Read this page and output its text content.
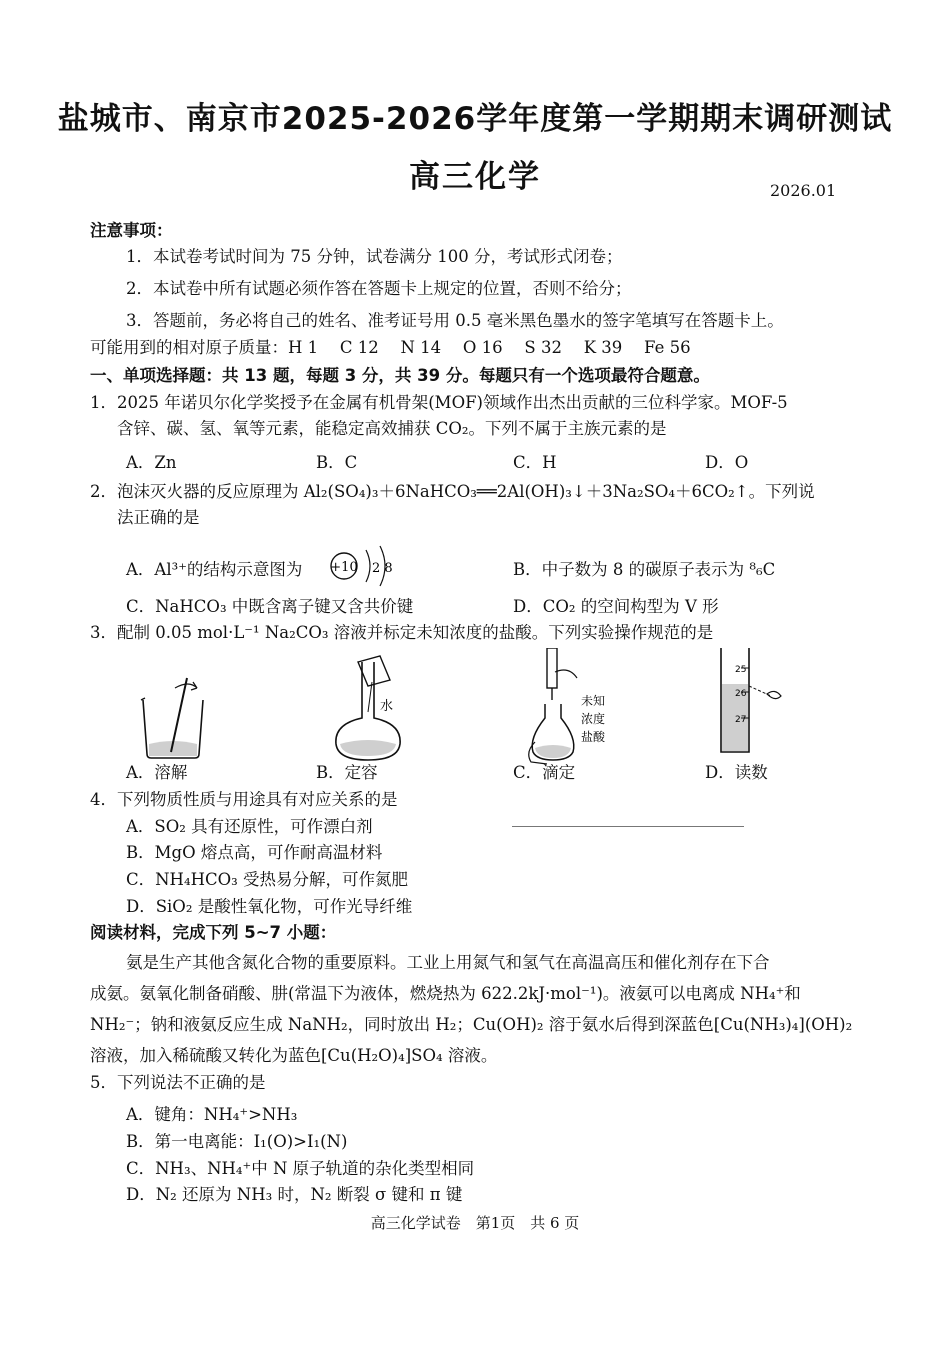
盐城市、南京市2025-2026学年度第一学期期末调研测试
高三化学	2026.01
注意事项：
1．本试卷考试时间为 75 分钟，试卷满分 100 分，考试形式闭卷；
2．本试卷中所有试题必须作答在答题卡上规定的位置，否则不给分；
3．答题前，务必将自己的姓名、准考证号用 0.5 毫米黑色墨水的签字笔填写在答题卡上。
可能用到的相对原子质量：H 1　 C 12　 N 14　 O 16　 S 32　 K 39　 Fe 56
一、单项选择题：共 13 题，每题 3 分，共 39 分。每题只有一个选项最符合题意。
1．2025 年诺贝尔化学奖授予在金属有机骨架(MOF)领域作出杰出贡献的三位科学家。MOF-5
含锌、碳、氢、氧等元素，能稳定高效捕获 CO₂。下列不属于主族元素的是
A．Zn	B．C	C．H	D．O
2．泡沫灭火器的反应原理为 Al₂(SO₄)₃＋6NaHCO₃══2Al(OH)₃↓＋3Na₂SO₄＋6CO₂↑。下列说
法正确的是
A．Al³⁺的结构示意图为 +10 2 8	B．中子数为 8 的碳原子表示为 ⁸₆C
C．NaHCO₃ 中既含离子键又含共价键	D．CO₂ 的空间构型为 V 形
3．配制 0.05 mol·L⁻¹ Na₂CO₃ 溶液并标定未知浓度的盐酸。下列实验操作规范的是
水	未知
浓度
盐酸
25
26
27
A．溶解	B．定容	C．滴定	D．读数
4．下列物质性质与用途具有对应关系的是
A．SO₂ 具有还原性，可作漂白剂
B．MgO 熔点高，可作耐高温材料
C．NH₄HCO₃ 受热易分解，可作氮肥
D．SiO₂ 是酸性氧化物，可作光导纤维
阅读材料，完成下列 5~7 小题：
氨是生产其他含氮化合物的重要原料。工业上用氮气和氢气在高温高压和催化剂存在下合
成氨。氨氧化制备硝酸、肼(常温下为液体，燃烧热为 622.2kJ·mol⁻¹)。液氨可以电离成 NH₄⁺和
NH₂⁻；钠和液氨反应生成 NaNH₂，同时放出 H₂；Cu(OH)₂ 溶于氨水后得到深蓝色[Cu(NH₃)₄](OH)₂
溶液，加入稀硫酸又转化为蓝色[Cu(H₂O)₄]SO₄ 溶液。
5．下列说法不正确的是
A．键角：NH₄⁺>NH₃
B．第一电离能：I₁(O)>I₁(N)
C．NH₃、NH₄⁺中 N 原子轨道的杂化类型相同
D．N₂ 还原为 NH₃ 时，N₂ 断裂 σ 键和 π 键
高三化学试卷　第1页　共 6 页
